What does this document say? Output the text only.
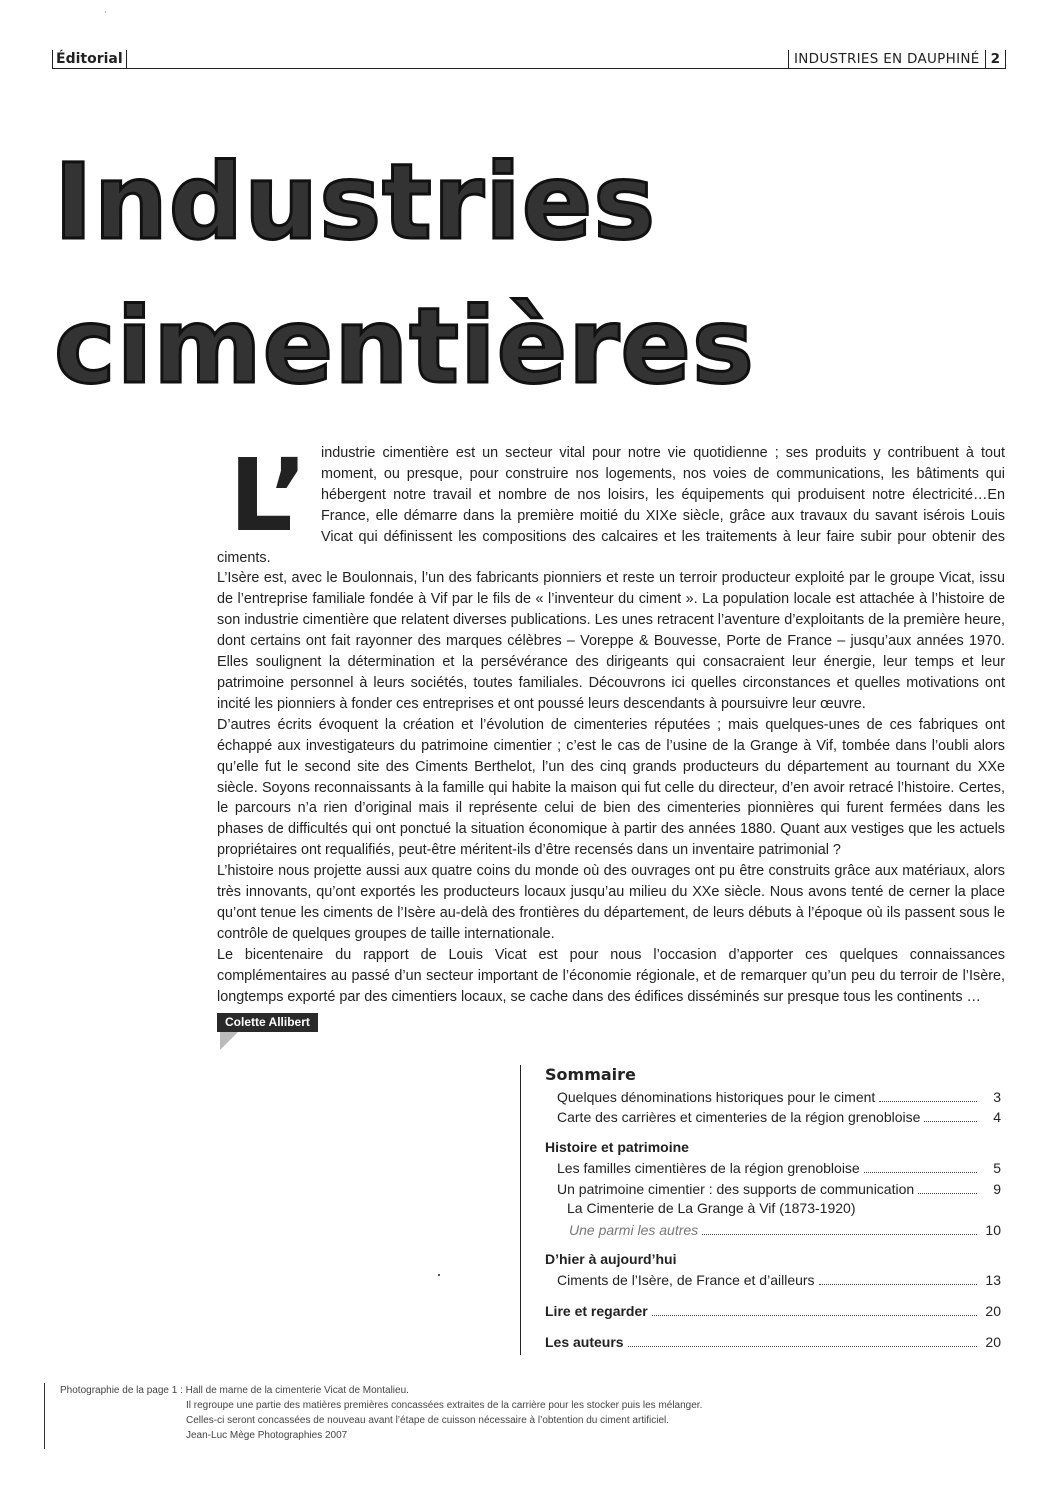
·
Éditorial	INDUSTRIES EN DAUPHINÉ 2
Industries
cimentières
L’ industrie cimentière est un secteur vital pour notre vie quotidienne ; ses produits y contribuent à tout moment, ou presque, pour construire nos logements, nos voies de communications, les bâtiments qui hébergent notre travail et nombre de nos loisirs, les équipements qui produisent notre électricité…En France, elle démarre dans la première moitié du XIXe siècle, grâce aux travaux du savant isérois Louis Vicat qui définissent les compositions des calcaires et les traitements à leur faire subir pour obtenir des ciments.

L’Isère est, avec le Boulonnais, l’un des fabricants pionniers et reste un terroir producteur exploité par le groupe Vicat, issu de l’entreprise familiale fondée à Vif par le fils de « l’inventeur du ciment ». La population locale est attachée à l’histoire de son industrie cimentière que relatent diverses publications. Les unes retracent l’aventure d’exploitants de la première heure, dont certains ont fait rayonner des marques célèbres – Voreppe & Bouvesse, Porte de France – jusqu’aux années 1970. Elles soulignent la détermination et la persévérance des dirigeants qui consacraient leur énergie, leur temps et leur patrimoine personnel à leurs sociétés, toutes familiales. Découvrons ici quelles circonstances et quelles motivations ont incité les pionniers à fonder ces entreprises et ont poussé leurs descendants à poursuivre leur œuvre.

D’autres écrits évoquent la création et l’évolution de cimenteries réputées ; mais quelques-unes de ces fabriques ont échappé aux investigateurs du patrimoine cimentier ; c’est le cas de l’usine de la Grange à Vif, tombée dans l’oubli alors qu’elle fut le second site des Ciments Berthelot, l’un des cinq grands producteurs du département au tournant du XXe siècle. Soyons reconnaissants à la famille qui habite la maison qui fut celle du directeur, d’en avoir retracé l’histoire. Certes, le parcours n’a rien d’original mais il représente celui de bien des cimenteries pionnières qui furent fermées dans les phases de difficultés qui ont ponctué la situation économique à partir des années 1880. Quant aux vestiges que les actuels propriétaires ont requalifiés, peut-être méritent-ils d’être recensés dans un inventaire patrimonial ?

L’histoire nous projette aussi aux quatre coins du monde où des ouvrages ont pu être construits grâce aux matériaux, alors très innovants, qu’ont exportés les producteurs locaux jusqu’au milieu du XXe siècle. Nous avons tenté de cerner la place qu’ont tenue les ciments de l’Isère au-delà des frontières du département, de leurs débuts à l’époque où ils passent sous le contrôle de quelques groupes de taille internationale.

Le bicentenaire du rapport de Louis Vicat est pour nous l’occasion d’apporter ces quelques connaissances complémentaires au passé d’un secteur important de l’économie régionale, et de remarquer qu’un peu du terroir de l’Isère, longtemps exporté par des cimentiers locaux, se cache dans des édifices disséminés sur presque tous les continents …

Colette Allibert
Sommaire
Quelques dénominations historiques pour le ciment	3
Carte des carrières et cimenteries de la région grenobloise	4
Histoire et patrimoine
Les familles cimentières de la région grenobloise	5
Un patrimoine cimentier : des supports de communication	9
La Cimenterie de La Grange à Vif (1873-1920)
Une parmi les autres	10
D’hier à aujourd’hui
Ciments de l’Isère, de France et d’ailleurs	13
Lire et regarder	20
Les auteurs	20
Photographie de la page 1 : Hall de marne de la cimenterie Vicat de Montalieu.
Il regroupe une partie des matières premières concassées extraites de la carrière pour les stocker puis les mélanger. Celles-ci seront concassées de nouveau avant l’étape de cuisson nécessaire à l’obtention du ciment artificiel.
Jean-Luc Mège Photographies 2007
